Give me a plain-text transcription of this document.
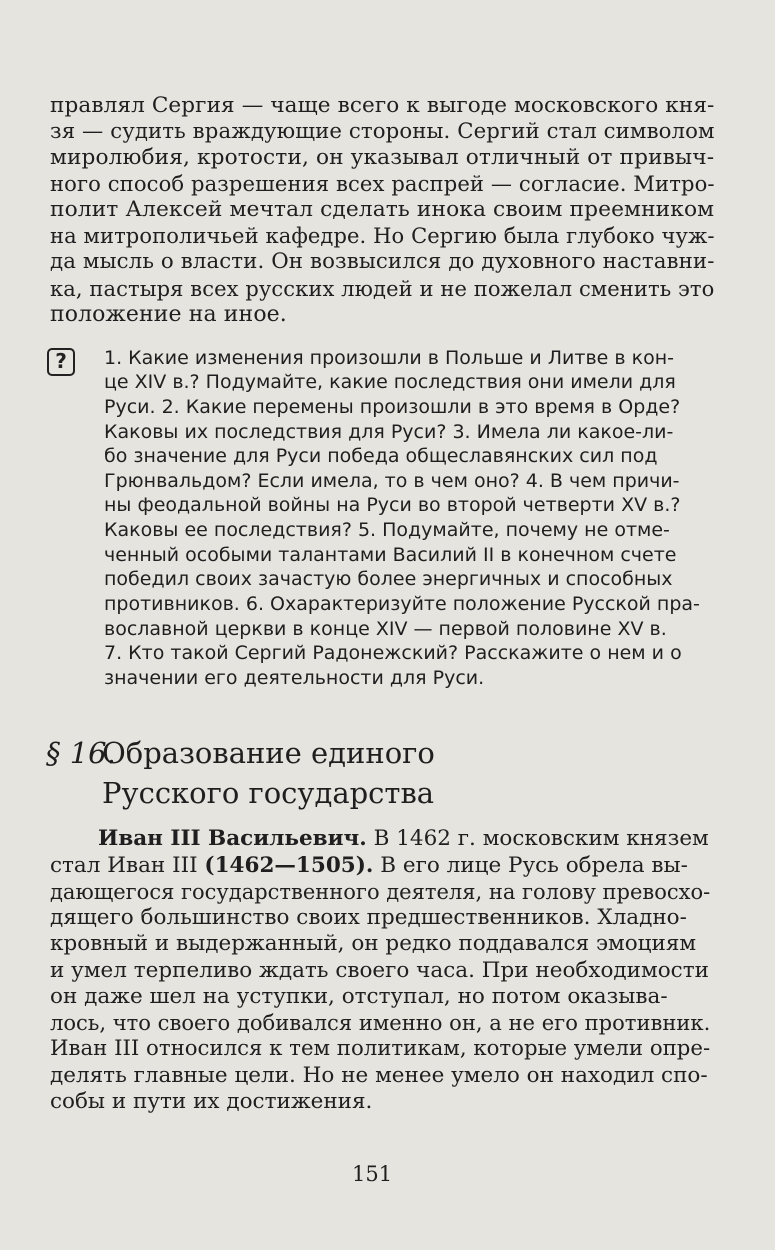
правлял Сергия — чаще всего к выгоде московского кня-

зя — судить враждующие стороны. Сергий стал символом

миролюбия, кротости, он указывал отличный от привыч-

ного способ разрешения всех распрей — согласие. Митро-

полит Алексей мечтал сделать инока своим преемником

на митрополичьей кафедре. Но Сергию была глубоко чуж-

да мысль о власти. Он возвысился до духовного наставни-

ка, пастыря всех русских людей и не пожелал сменить это

положение на иное.

?	1. Какие изменения произошли в Польше и Литве в кон-

це XIV в.? Подумайте, какие последствия они имели для

Руси. 2. Какие перемены произошли в это время в Орде?

Каковы их последствия для Руси? 3. Имела ли какое-ли-

бо значение для Руси победа общеславянских сил под

Грюнвальдом? Если имела, то в чем оно? 4. В чем причи-

ны феодальной войны на Руси во второй четверти XV в.?

Каковы ее последствия? 5. Подумайте, почему не отме-

ченный особыми талантами Василий II в конечном счете

победил своих зачастую более энергичных и способных

противников. 6. Охарактеризуйте положение Русской пра-

вославной церкви в конце XIV — первой половине XV в.

7. Кто такой Сергий Радонежский? Расскажите о нем и о

значении его деятельности для Руси.

§ 16.
Образование единого
Русского государства

Иван III Васильевич. В 1462 г. московским князем

стал Иван III (1462—1505). В его лице Русь обрела вы-

дающегося государственного деятеля, на голову превосхо-

дящего большинство своих предшественников. Хладно-

кровный и выдержанный, он редко поддавался эмоциям

и умел терпеливо ждать своего часа. При необходимости

он даже шел на уступки, отступал, но потом оказыва-

лось, что своего добивался именно он, а не его противник.

Иван III относился к тем политикам, которые умели опре-

делять главные цели. Но не менее умело он находил спо-

собы и пути их достижения.

151
